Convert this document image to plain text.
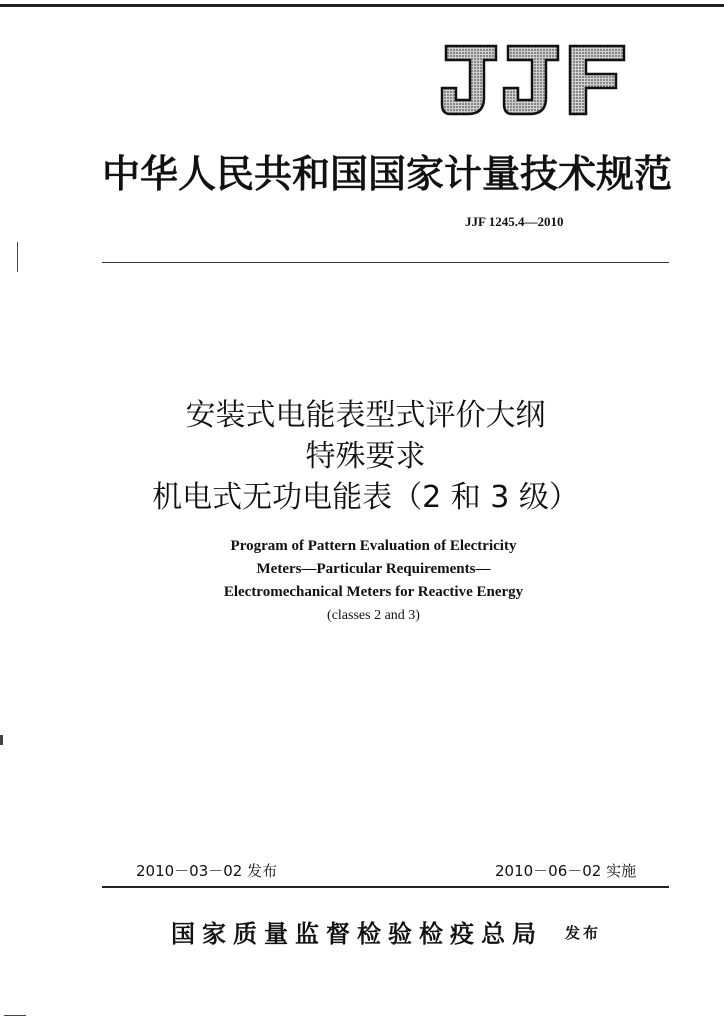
JJF
中华人民共和国国家计量技术规范
JJF 1245.4—2010
安装式电能表型式评价大纲
特殊要求
机电式无功电能表（2 和 3 级）
Program of Pattern Evaluation of Electricity
Meters—Particular Requirements—
Electromechanical Meters for Reactive Energy
(classes 2 and 3)
2010－03－02 发布	2010－06－02 实施
国家质量监督检验检疫总局 发布
